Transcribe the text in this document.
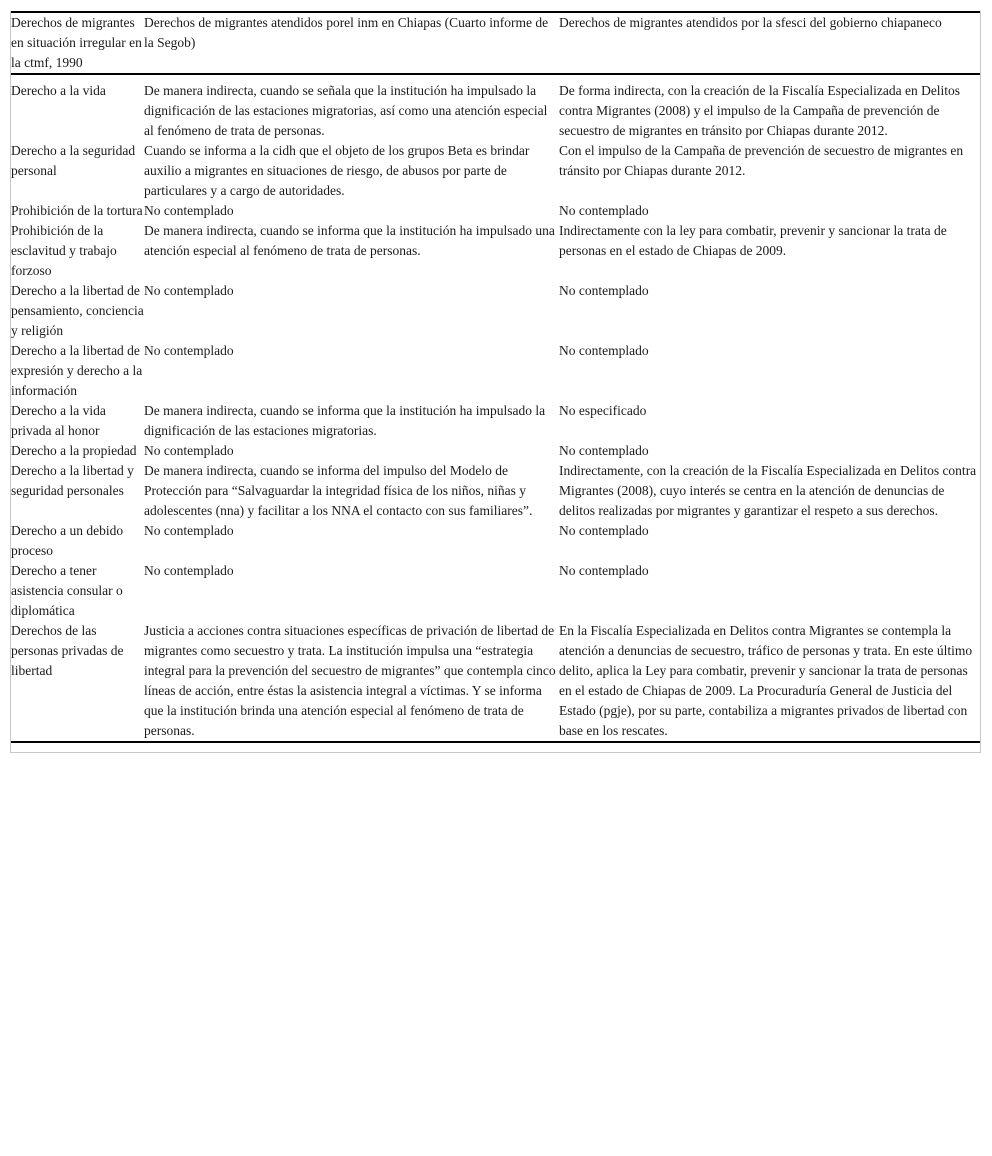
Derechos de migrantes en situación irregular en la ctmf, 1990	Derechos de migrantes atendidos porel inm en Chiapas (Cuarto informe de la Segob)	Derechos de migrantes atendidos por la sfesci del gobierno chiapaneco
Derecho a la vida	De manera indirecta, cuando se señala que la institución ha impulsado la dignificación de las estaciones migratorias, así como una atención especial al fenómeno de trata de personas.	De forma indirecta, con la creación de la Fiscalía Especializada en Delitos contra Migrantes (2008) y el impulso de la Campaña de prevención de secuestro de migrantes en tránsito por Chiapas durante 2012.
Derecho a la seguridad personal	Cuando se informa a la cidh que el objeto de los grupos Beta es brindar auxilio a migrantes en situaciones de riesgo, de abusos por parte de particulares y a cargo de autoridades.	Con el impulso de la Campaña de prevención de secuestro de migrantes en tránsito por Chiapas durante 2012.
Prohibición de la tortura	No contemplado	No contemplado
Prohibición de la esclavitud y trabajo forzoso	De manera indirecta, cuando se informa que la institución ha impulsado una atención especial al fenómeno de trata de personas.	Indirectamente con la ley para combatir, prevenir y sancionar la trata de personas en el estado de Chiapas de 2009.
Derecho a la libertad de pensamiento, conciencia y religión	No contemplado	No contemplado
Derecho a la libertad de expresión y derecho a la información	No contemplado	No contemplado
Derecho a la vida privada al honor	De manera indirecta, cuando se informa que la institución ha impulsado la dignificación de las estaciones migratorias.	No especificado
Derecho a la propiedad	No contemplado	No contemplado
Derecho a la libertad y seguridad personales	De manera indirecta, cuando se informa del impulso del Modelo de Protección para “Salvaguardar la integridad física de los niños, niñas y adolescentes (nna) y facilitar a los NNA el contacto con sus familiares”.	Indirectamente, con la creación de la Fiscalía Especializada en Delitos contra Migrantes (2008), cuyo interés se centra en la atención de denuncias de delitos realizadas por migrantes y garantizar el respeto a sus derechos.
Derecho a un debido proceso	No contemplado	No contemplado
Derecho a tener asistencia consular o diplomática	No contemplado	No contemplado
Derechos de las personas privadas de libertad	Justicia a acciones contra situaciones específicas de privación de libertad de migrantes como secuestro y trata. La institución impulsa una “estrategia integral para la prevención del secuestro de migrantes” que contempla cinco líneas de acción, entre éstas la asistencia integral a víctimas. Y se informa que la institución brinda una atención especial al fenómeno de trata de personas.	En la Fiscalía Especializada en Delitos contra Migrantes se contempla la atención a denuncias de secuestro, tráfico de personas y trata. En este último delito, aplica la Ley para combatir, prevenir y sancionar la trata de personas en el estado de Chiapas de 2009. La Procuraduría General de Justicia del Estado (pgje), por su parte, contabiliza a migrantes privados de libertad con base en los rescates.
